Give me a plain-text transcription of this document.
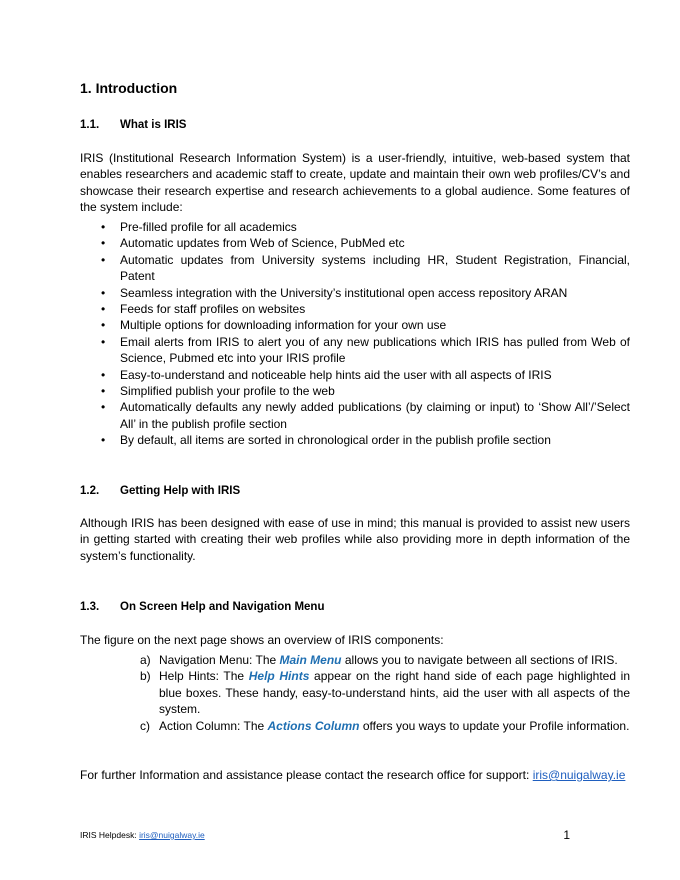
1. Introduction
1.1. What is IRIS
IRIS (Institutional Research Information System) is a user-friendly, intuitive, web-based system that enables researchers and academic staff to create, update and maintain their own web profiles/CV’s and showcase their research expertise and research achievements to a global audience. Some features of the system include:
• Pre-filled profile for all academics
• Automatic updates from Web of Science, PubMed etc
• Automatic updates from University systems including HR, Student Registration, Financial, Patent
• Seamless integration with the University’s institutional open access repository ARAN
• Feeds for staff profiles on websites
• Multiple options for downloading information for your own use
• Email alerts from IRIS to alert you of any new publications which IRIS has pulled from Web of Science, Pubmed etc into your IRIS profile
• Easy-to-understand and noticeable help hints aid the user with all aspects of IRIS
• Simplified publish your profile to the web
• Automatically defaults any newly added publications (by claiming or input) to ‘Show All’/’Select All’ in the publish profile section
• By default, all items are sorted in chronological order in the publish profile section
1.2. Getting Help with IRIS
Although IRIS has been designed with ease of use in mind; this manual is provided to assist new users in getting started with creating their web profiles while also providing more in depth information of the system’s functionality.
1.3. On Screen Help and Navigation Menu
The figure on the next page shows an overview of IRIS components:
a) Navigation Menu: The Main Menu allows you to navigate between all sections of IRIS.
b) Help Hints: The Help Hints appear on the right hand side of each page highlighted in blue boxes. These handy, easy-to-understand hints, aid the user with all aspects of the system.
c) Action Column: The Actions Column offers you ways to update your Profile information.
For further Information and assistance please contact the research office for support: iris@nuigalway.ie
IRIS Helpdesk: iris@nuigalway.ie	1
